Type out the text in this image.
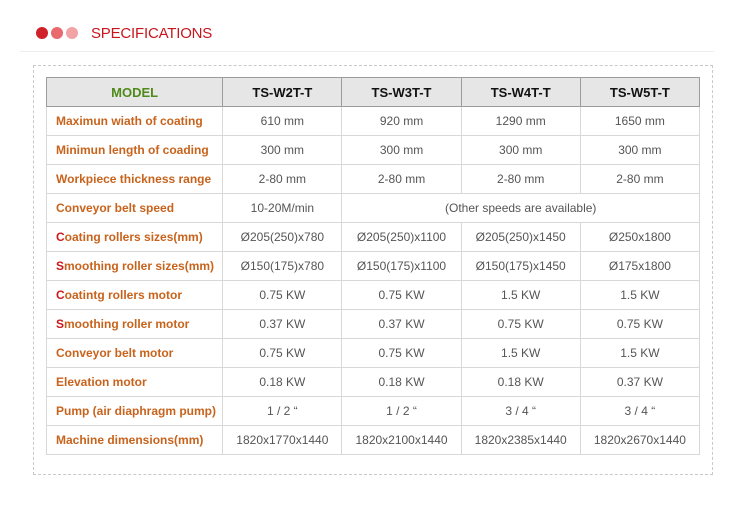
SPECIFICATIONS
MODEL	TS-W2T-T	TS-W3T-T	TS-W4T-T	TS-W5T-T
Maximun wiath of coating	610 mm	920 mm	1290 mm	1650 mm
Minimun length of coading	300 mm	300 mm	300 mm	300 mm
Workpiece thickness range	2-80 mm	2-80 mm	2-80 mm	2-80 mm
Conveyor belt speed	10-20M/min	(Other speeds are available)		
Coating rollers sizes(mm)	Ø205(250)x780	Ø205(250)x1100	Ø205(250)x1450	Ø250x1800
Smoothing roller sizes(mm)	Ø150(175)x780	Ø150(175)x1100	Ø150(175)x1450	Ø175x1800
Coatintg rollers motor	0.75 KW	0.75 KW	1.5 KW	1.5 KW
Smoothing roller motor	0.37 KW	0.37 KW	0.75 KW	0.75 KW
Conveyor belt motor	0.75 KW	0.75 KW	1.5 KW	1.5 KW
Elevation motor	0.18 KW	0.18 KW	0.18 KW	0.37 KW
Pump (air diaphragm pump)	1 / 2 “	1 / 2 “	3 / 4 “	3 / 4 “
Machine dimensions(mm)	1820x1770x1440	1820x2100x1440	1820x2385x1440	1820x2670x1440
